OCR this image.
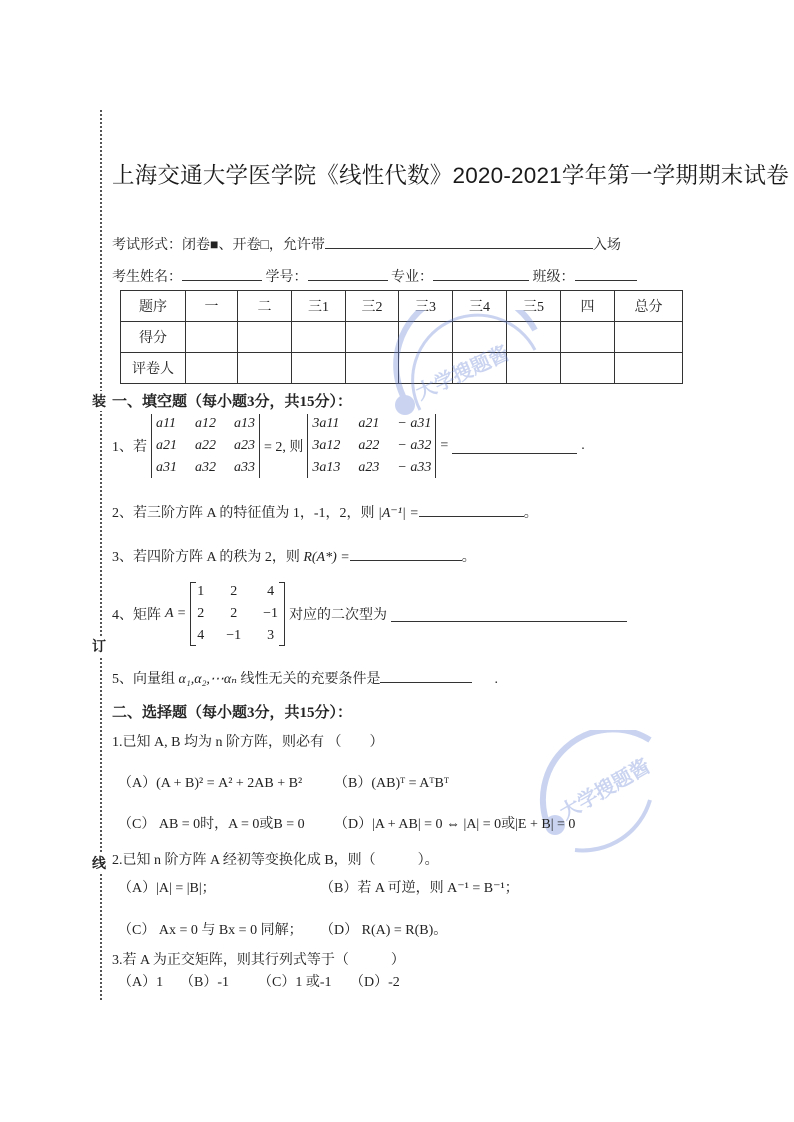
装
订
线
上海交通大学医学院《线性代数》2020-2021学年第一学期期末试卷
考试形式：闭卷■、开卷□，允许带	入场
考生姓名：	学号：	专业：	班级：
题序	一	二	三1	三2	三3	三4	三5	四	总分
得分									
评卷人										大学搜题酱
大学搜题酱
一、填空题（每小题3分，共15分）：
1、若
a11 a12 a13
a21 a22 a23
a31 a32 a33
= 2, 则
3a11 a21 − a31
3a12 a22 − a32
3a13 a23 − a33
=	.
2、若三阶方阵 A 的特征值为 1，-1，2，则 |A⁻¹| =	。
3、若四阶方阵 A 的秩为 2，则 R(A*) =	。
4、矩阵 A =
1 2 4
2 2 −1
4 −1 3
对应的二次型为
5、向量组 α₁,α₂,⋯αₙ 线性无关的充要条件是	.
二、选择题（每小题3分，共15分）：
1.已知 A, B 均为 n 阶方阵，则必有 （　　）
（A）(A + B)² = A² + 2AB + B² （B）(AB)ᵀ = AᵀBᵀ
（C） AB = 0时，A = 0或B = 0 （D）|A + AB| = 0 ⇔ |A| = 0或|E + B| = 0
2.已知 n 阶方阵 A 经初等变换化成 B，则（　　　）。
（A）|A| = |B|；	（B）若 A 可逆，则 A⁻¹ = B⁻¹；
（C） Ax = 0 与 Bx = 0 同解； （D） R(A) = R(B)。
3.若 A 为正交矩阵，则其行列式等于（　　　）
（A）1 （B）-1 （C）1 或-1 （D）-2
